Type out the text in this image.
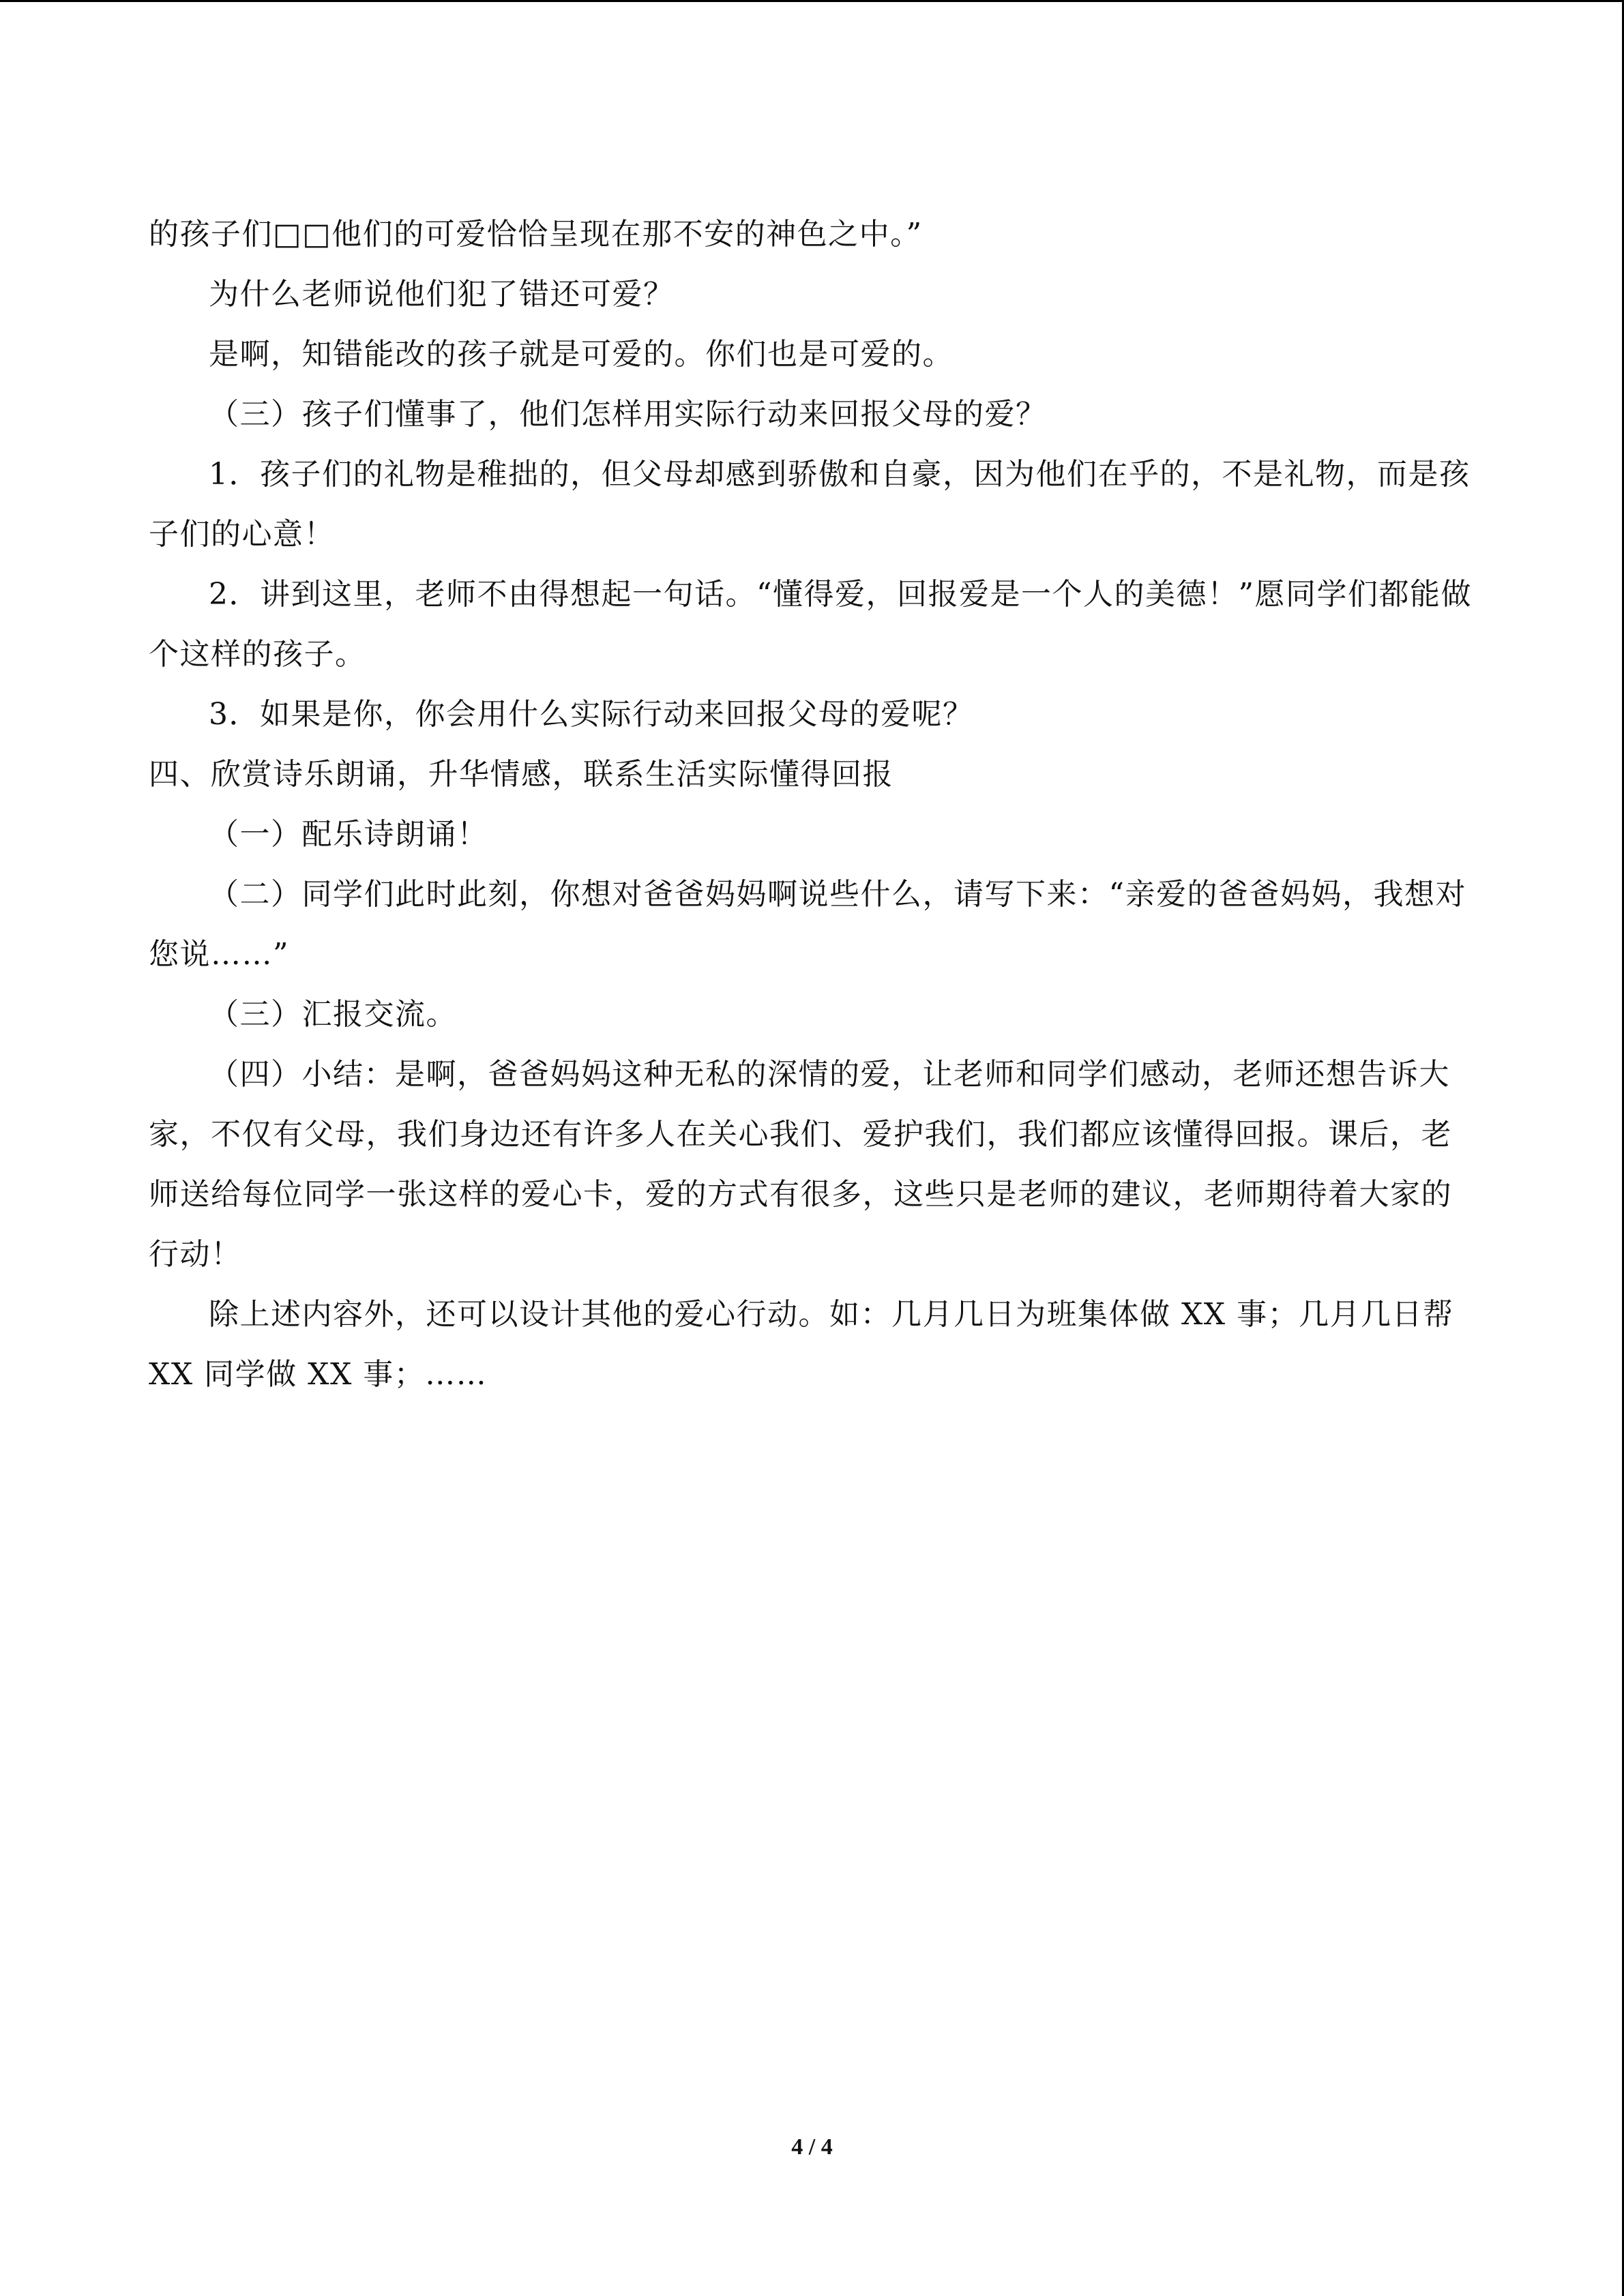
的孩子们□□他们的可爱恰恰呈现在那不安的神色之中。”

为什么老师说他们犯了错还可爱？

是啊，知错能改的孩子就是可爱的。你们也是可爱的。

（三）孩子们懂事了，他们怎样用实际行动来回报父母的爱？

1．孩子们的礼物是稚拙的，但父母却感到骄傲和自豪，因为他们在乎的，不是礼物，而是孩子们的心意！

2．讲到这里，老师不由得想起一句话。“懂得爱，回报爱是一个人的美德！”愿同学们都能做个这样的孩子。

3．如果是你，你会用什么实际行动来回报父母的爱呢？

四、欣赏诗乐朗诵，升华情感，联系生活实际懂得回报

（一）配乐诗朗诵！

（二）同学们此时此刻，你想对爸爸妈妈啊说些什么，请写下来：“亲爱的爸爸妈妈，我想对您说……”

（三）汇报交流。

（四）小结：是啊，爸爸妈妈这种无私的深情的爱，让老师和同学们感动，老师还想告诉大家，不仅有父母，我们身边还有许多人在关心我们、爱护我们，我们都应该懂得回报。课后，老师送给每位同学一张这样的爱心卡，爱的方式有很多，这些只是老师的建议，老师期待着大家的行动！

除上述内容外，还可以设计其他的爱心行动。如：几月几日为班集体做 XX 事；几月几日帮 XX 同学做 XX 事；……

4 / 4
